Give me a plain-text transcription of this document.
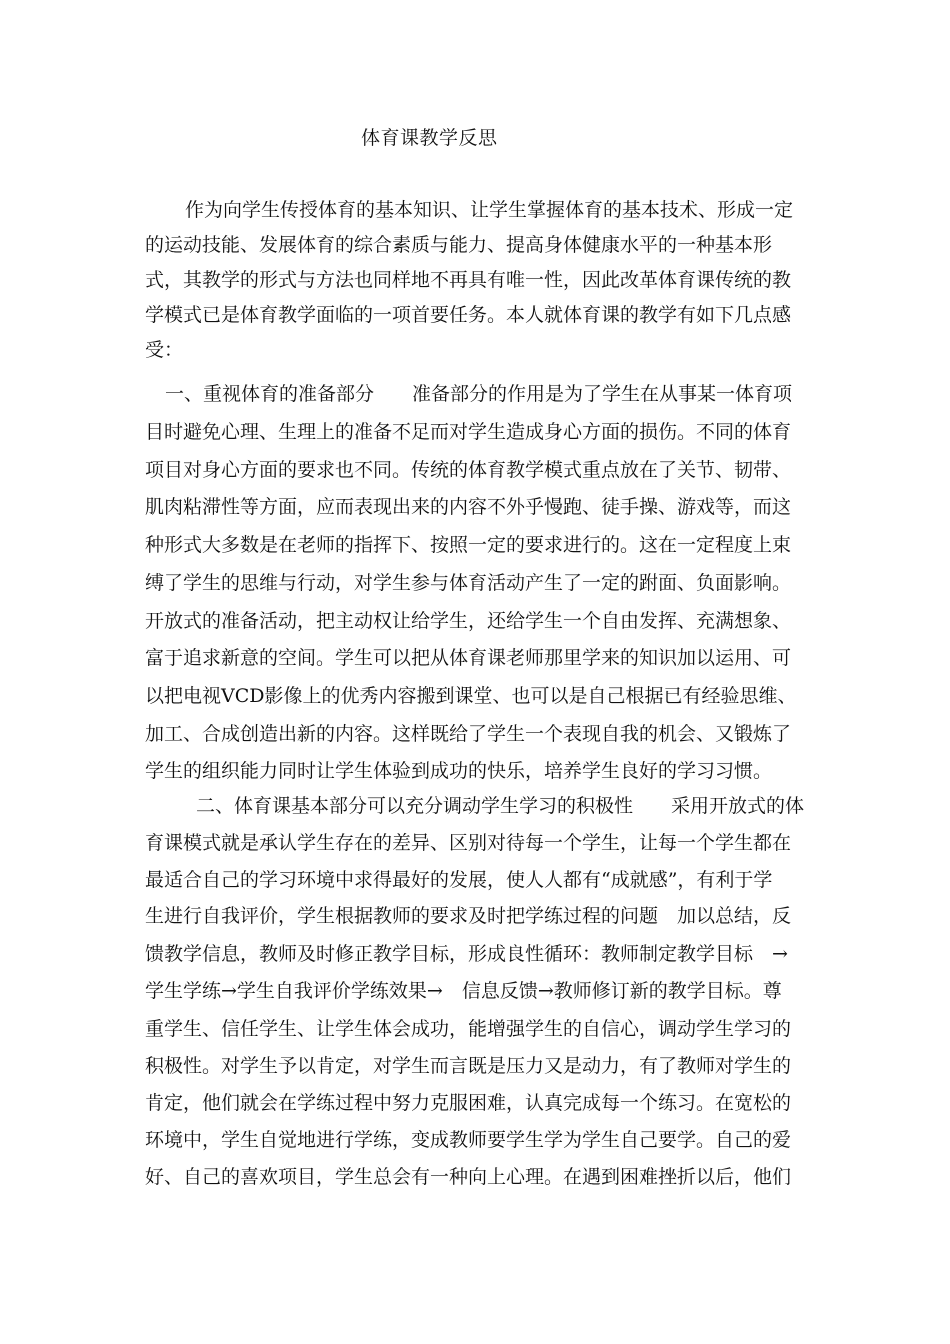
体育课教学反思
作为向学生传授体育的基本知识、让学生掌握体育的基本技术、形成一定
的运动技能、发展体育的综合素质与能力、提高身体健康水平的一种基本形
式，其教学的形式与方法也同样地不再具有唯一性，因此改革体育课传统的教
学模式已是体育教学面临的一项首要任务。本人就体育课的教学有如下几点感
受：
一、重视体育的准备部分　　准备部分的作用是为了学生在从事某一体育项
目时避免心理、生理上的准备不足而对学生造成身心方面的损伤。不同的体育
项目对身心方面的要求也不同。传统的体育教学模式重点放在了关节、韧带、
肌肉粘滞性等方面，应而表现出来的内容不外乎慢跑、徒手操、游戏等，而这
种形式大多数是在老师的指挥下、按照一定的要求进行的。这在一定程度上束
缚了学生的思维与行动，对学生参与体育活动产生了一定的跗面、负面影响。
开放式的准备活动，把主动权让给学生，还给学生一个自由发挥、充满想象、
富于追求新意的空间。学生可以把从体育课老师那里学来的知识加以运用、可
以把电视VCD影像上的优秀内容搬到课堂、也可以是自己根据已有经验思维、
加工、合成创造出新的内容。这样既给了学生一个表现自我的机会、又锻炼了
学生的组织能力同时让学生体验到成功的快乐，培养学生良好的学习习惯。
二、体育课基本部分可以充分调动学生学习的积极性　　采用开放式的体
育课模式就是承认学生存在的差异、区别对待每一个学生，让每一个学生都在
最适合自己的学习环境中求得最好的发展，使人人都有“成就感”，有利于学
生进行自我评价，学生根据教师的要求及时把学练过程的问题　加以总结，反
馈教学信息，教师及时修正教学目标，形成良性循环：教师制定教学目标　→
学生学练→学生自我评价学练效果→　信息反馈→教师修订新的教学目标。尊
重学生、信任学生、让学生体会成功，能增强学生的自信心，调动学生学习的
积极性。对学生予以肯定，对学生而言既是压力又是动力，有了教师对学生的
肯定，他们就会在学练过程中努力克服困难，认真完成每一个练习。在宽松的
环境中，学生自觉地进行学练，变成教师要学生学为学生自己要学。自己的爱
好、自己的喜欢项目，学生总会有一种向上心理。在遇到困难挫折以后，他们
